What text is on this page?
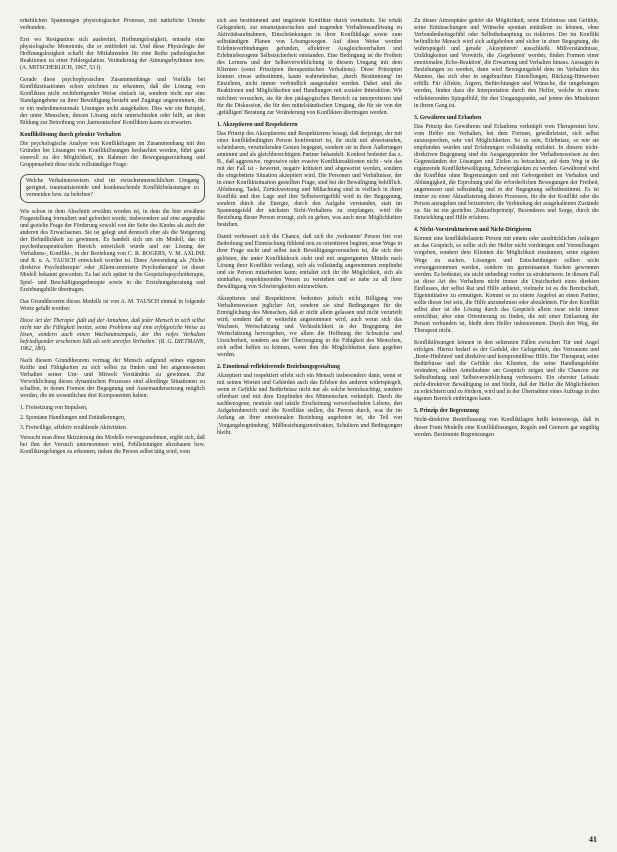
erheblichen Spannungen physiologischer Prozesse, mit natürliche Unruhe verbunden.

Erst wo Resignation sich ausbreitet, Hoffnungslosigkeit, entsteht eine physiologische Monotonie, die er entfördert ist. Und diese Physiologie der Hoffnungslosigkeit schafft der Mitfahrenden für eine Reihe pathologischer Reaktionen zu einer Fehlregulation. Veränderung der Atmungsrhythmen usw. (A. MITSCHERLICH, 1967, 53 f).

Gerade diese psychophysischen Zusammenhänge und Vorfälle bei Konfliktsituationen schon zeichnen zu erkennen, daß die Lösung von Konflikten nicht rechtfertigender Weise einfach ist, sondern nicht nur eine Standgangebene zu ihrer Bewältigung besteht und Zugänge angenommen, die er ein mehrdimensionale Lösungen nicht ausgehalten. Dies wie ein Beispiel, der unter Menschen, dessen Lösung nicht unterschieden oder hilft, an dem Bildung zur Betreibung von ,harmonischen' Konflikten kaum zu erwarten.

Konfliktlösung durch gelenkte Verhalten

Die psychologische Analyse von Konfliktfragen im Zusammenhang mit den Gründen bei Lösungen von Konfliktlösungen beobachtet worden, führt ganz sinnvoll zu der Möglichkeit, im Rahmen der Bewegungserziehung und Gruppenarbeit diese nicht vollständiger Frage:

Welche Verhaltensweisen sind im zwischenmenschlichen Umgang geeignet, traumatisierende und krankmachende Konfliktbelastungen zu vermeiden bzw. zu beheben?

Wie schon in dem Abschnitt erwähnt worden ist, in dem die hier erwähnte Fragestellung formuliert und gefordert wurde, insbesondere auf eine angepaßte und gezielte Frage der Förderung sowohl von der Seite des Kindes als auch der anderen des Erwachsenen. Sie ist gelegt und dennoch eher als die Steigerung der Befindlichkeit zu gewinnen. Es handelt sich um ein Modell, das im psychotherapeutischen Bereich entwickelt wurde und zur Lösung der Verhaltens-, Konflikt-, in der Beziehung von C. R. ROGERS, V. M. AXLINE und R. u. A. TAUSCH entwickelt worden ist. Diese Anwendung als ,Nicht-direktive Psychotherapie' oder ,Klient-zentrierte Psychotherapie' ist dieser Modell bekannt geworden. Es hat sich später in die Gesprächspsychotherapie, Spiel- und Beschäftigungstherapie sowie in die Erziehungsberatung und Erziehungshilfe übertragen.

Das Grundtheorem dieses Modells ist von A. M. TAUSCH einmal in folgende Worte gefaßt worden:

Diese Art der Therapie ,fußt auf der Annahme, daß jeder Mensch in sich selbst nicht nur die Fähigkeit besitzt, seine Probleme auf eine erfolgreiche Weise zu lösen, sondern auch einen Wachstumsimpuls, der ihn reifes Verhalten befriedigender erscheinen läßt als sein unreifes Verhalten.' (R. G. DIETMANN, 1962, 180).

Nach diesem Grundtheorem vermag der Mensch aufgrund seines eigenen Kräfte und Fähigkeiten zu sich selbst zu finden und bei angemessenen Verhalten seiner Um- und Mitwelt Verständnis zu gewinnen. Zur Verwirklichung dieses dynamischen Prozesses sind allerdings Situationen zu schaffen, in denen Formen der Begegnung und Auseinandersetzung möglich werden, die im wesentlichen drei Komponenten haben:

1. Freisetzung von Impulsen,
2. Spontane Handlungen und Entäußerungen,
3. Freiwillige, affektiv erzählende Aktivitäten.

Versucht man diese Skizzierung des Modells vorwegzunehmen, ergibt sich, daß bei ihm der Versuch unternommen wird, Fehlleistungen abzubauen bzw. Konfliktregelungen zu erkennen, indem die Person selbst tätig wird, vom

sich aus bestimmend und ungelenkt Konflikte durch vermitteln. Sie erhält Gelegenheit, zur emanzipatorischen und tragenden Verhaltensauflösung zu Aktivitätsaufnahmen, Einschränkungen in ihrer Konfliktlage sowie zum selbständigen Planen von Lösungswegen. Auf diese Weise werden Erlebnisverbindungen gefunden, affektiver Ausgleichsverhalten und Erlebnisbezogene Selbstsicherheit entstanden. Eine Bedingung ist die Freiheit des Lernens und der Selbstverwirklichung in diesem Umgang mit dem Klienten (sonst Prinzipien therapeutischen Verhaltens). Diese Prinzipien können etwas unbestimmt, kaum wahrnehmbar, ,durch Bestimmung' im Einzelnen, nicht immer verbindlich ausgestaltet werden. Dabei sind die Reaktionen und Möglichkeiten und Handlungen mit sozialer Interaktion. Wir möchten versuchen, sie für den pädagogischen Bereich zu interpretieren und für die Diskussion, die für den mittelständischen Umgang, die für sie von der ,gefälligen' Beratung zur Veränderung von Konflikten übertragen werden.

1. Akzeptieren und Respektieren

Das Prinzip des Akzeptierens und Respektierens besagt, daß derjenige, der mit einer konfliktbedingten Person konfrontiert ist, ihr nicht mit abweisenden, scheinbaren, verurteilenden Gesten begegnet, sondern sie in ihren Äußerungen annimmt und als gleichberechtigten Partner behandelt. Konkret bedeutet das z. B., daß aggressive, regressive oder evasive Konfliktreaktionen nicht - wie das mit der Fall ist - bewertet, negativ kritisiert und abgewertet werden, sondern die eingebettete Situation akzeptiert wird. Die Personen und Verhältnisse, der in einer Konfliktsituation gestellten Frage, sind bei der Bewältigung behilflich. Ablehnung, Tadel, Zurückweisung und Mißachtung sind in vielfach in ihren Konflikt und ihre Lage und ihre Selbstwertgefühl wird in der Begegnung, sondern durch die Energie, durch den Aufgabe verstanden, statt im Spannungsfeld der nächsten Sicht-Verhaltens zu empfangen, wird die Beziehung dieser Person erzeugt, sich zu geben, was auch neue Möglichkeiten bestehen.

Damit verbessert sich die Chance, daß sich die ,verkramte' Person frei von Bedrohung und Einmischung fühlend neu zu orientieren beginnt, neue Wege in ihrer Frage sucht und selbst nach Bewältigungsversuchen ist, die sich den gelösten, die unter Konfliktdruck steht und mit ungeeigneten Mitteln nach Lösung ihrer Konflikte verlangt, sich als vollständig angenommen empfindet und sie Person mitarbeiten kann; entfaltet sich ihr die Möglichkeit, sich als sinnhaftes, respektierendes Wesen zu verstehen und so nahe zu all ihrer Bewältigung von Schwierigkeiten mitzuwirken.

Akzeptieren und Respektieren bedeuten jedoch nicht Billigung von Verhaltensweisen jeglicher Art, sondern sie sind Bedingungen für die Ermöglichung des Menschen, daß er nicht allein gelassen und nicht verurteilt wird, sondern daß er weiterhin angenommen wird, auch wenn sich das Wachsen, Wertschätzung und Verlässlichkeit in der Begegnung der Wertschätzung hervorgehen, vor allem die Hoffnung der Schwäche und Unsicherheit, sondern aus der Überzeugung in die Fähigkeit des Menschen, sich selbst helfen zu können, wenn ihm die Möglichkeiten dazu gegeben werden.

2. Emotional-reflektierende Beziehungsgestaltung

Akzeptiert und respektiert erlebt sich ein Mensch insbesondere dann, wenn er mit seinen Worten und Gebärden auch das Erleben des anderen widerspiegelt, wenn er Gefühle und Bedürfnisse nicht nur als solche berücksichtigt, sondern offenbart und mit dem Empfinden des Mitmenschen verknüpft. Durch die sachbezogene, neutrale und taktile Erscheinung verwechselnden Lebens, den Aufgabenbereich und die Konflikte stellen, die Person durch, was ihr im Anfang an ihrer emotionalen Beziehung angeboten ist, die Teil von ,Vorgangsbegründung', Mißbeziehungsmotivation, Schultern und Bedingungen bleibt.

Zu dieser Atmosphäre gehört die Möglichkeit, seine Erlebnisse und Gefühle, seine Enttäuschungen und Wünsche spontan entäußern zu können, ohne Verbundenheitsgefühl oder Selbstbehauptung zu riskieren. Der im Konflikt befindliche Mensch wird sich aufgehoben und sicher in einer Begegnung, die widerspiegelt und gerade ,Akzeptieren' ausschließt. Mißverständnisse, Unfähigkeiten und Vorwürfe, die ,Gegebenen' werden, finden Formen einer emotionalen ,Echo-Reaktion', die Erwartung und Verhalten hinaus. Aussagen in Beziehungen zu werden, dann wird Bewegungsfeld dem im Verhalten des Mannes, das sich eher in angebrachten Einstellungen, Rückzug-Hinweisen erfüllt. Für Affekte, Ärgern, Befürchtungen und Wünsche, die umgebungen werden, finden dazu die Interpretation durch den Helfer, welche in einem reflektierenden Spiegelbild, für den Umgangspunkt, auf jenem des Mindesten in ihrem Gang ist.

3. Gewähren und Erlauben

Das Prinzip des Gewährens und Erlaubens verknüpft vom Therapeuten bzw. vom Helfer ein Verhalten, bei dem Formen, gewährleistet, sich selbst auszusprechen, sehr viel Möglichkeiten. So zu sein, Erlebnisse, so wie sie empfunden wurden und Erfahrungen vollständig entfaltet. In diesem nicht-direktiven Begegnung sind die Ausgangspunkte der Verhaltensweisen zu den Gegenständen der Lösungen und Zielen zu betrachten, auf dem Weg in die ergänzende Konfliktbewältigung, Schwierigkeiten zu werden. Gewährend wird die Konflikte ohne Begrenzungen und mit Geborgenheit im Verhalten und Abhängigkeit, die Erprobung und die erforderlichen Bewegungen der Freiheit, angemessen und selbständig und in der Begegnung selbstbestimmt. Es ist immer zu einer Aktualisierung dieses Prozesses, für die der Konflikt oder die Person anzugehen und beizutreten, die Verbindung der ausgehaltenen Zustände zu. Sie ist ein gezieltes ,Zukunftsprinzip', Besonderes und Sorge, durch die Entwicklung und Hilfe erfahren.

4. Nicht-Vorstrukturieren und Nicht-Dirigieren

Kommt eine konfliktbelastete Person mit einem oder ausdrücklichen Anliegen an das Gespräch, so sollte sich der Helfer nicht vordrängen und Vorstellungen vorgeben, sondern dem Klienten die Möglichkeit einräumen, seine eigenen Wege zu suchen. Lösungen und Entscheidungen sollten nicht vorweggenommen werden, sondern im gemeinsamen Suchen gewonnen werden. Es bedeutet, sie nicht unbedingt vorher zu strukturieren. In diesem Fall ist diese Art des Verhaltens nicht immer die Unsicherheit eines direkten Einflusses, der selbst Rat und Hilfe anbietet, vielmehr ist es die Bereitschaft, Eigeninitiative zu ermutigen. Kommt es zu einem Angebot an einen Partner, sollte dieser frei sein, die Hilfe anzunehmen oder abzulehnen. Für den Konflikt selbst aber ist die Lösung durch das Gespräch allein zwar nicht immer erreichbar, aber eine Orientierung zu finden, die mit einer Entlastung der Person verbunden ist, bleibt dem Helfer unbenommen. Durch den Weg, der Therapeut nicht.

Konfliktlösungen können in den seltensten Fällen zwischen Tür und Angel erfolgen. Hierzu bedarf es der Geduld, der Gelegenheit, des Vertrauens und ,Beste-Hinhören' und direktive und kompromißlose Hilfe. Der Therapeut, seine Bedürfnisse und die Gefühle des Klienten, die seine Handlungsfelder verändern, sollten Anteilnahme am Gespräch zeigen und die Chancen zur Selbstfindung und Selbstverwirklichung verbessern. Ein oberster Leitsatz nicht-direktiver Bewältigung ist und bleibt, daß der Helfer die Möglichkeiten zu erleichtern und zu fördern, wird und in der Übernahme eines Auftrags in den eigenen Bereich einbringen kann.

5. Prinzip der Begrenzung

Nicht-direktive Beeinflussung von Konfliktlagen heißt keineswegs, daß in dieser Form Modelle eine Konfliktlösungen, Regeln und Grenzen gar ungültig werden. Bestimmte Begrenzungen

41
